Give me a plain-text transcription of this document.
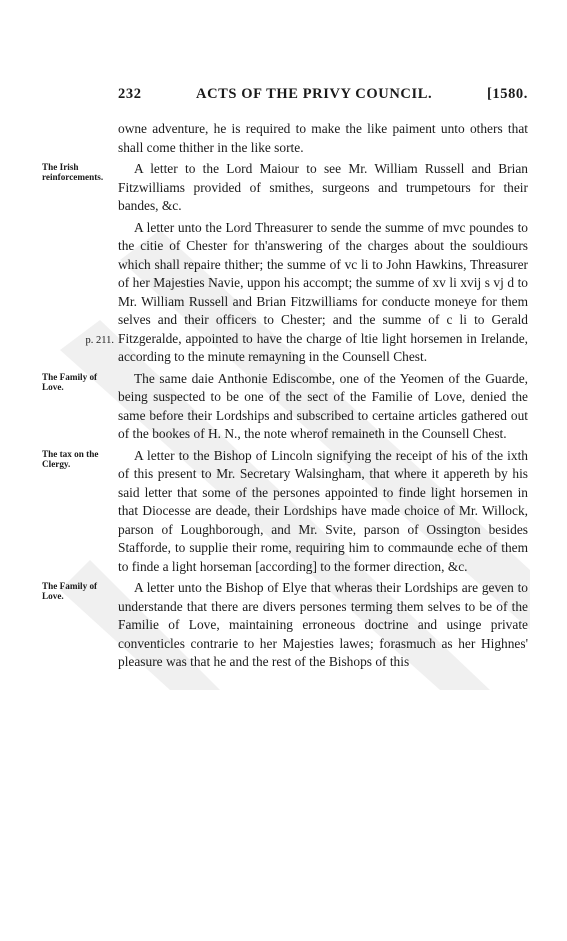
232	ACTS OF THE PRIVY COUNCIL.	[1580.

owne adventure, he is required to make the like paiment unto others that shall come thither in the like sorte.

The Irish reinforcements.
A letter to the Lord Maiour to see Mr. William Russell and Brian Fitzwilliams provided of smithes, surgeons and trumpetours for their bandes, &c.

p. 211.
A letter unto the Lord Threasurer to sende the summe of mvc poundes to the citie of Chester for th'answering of the charges about the souldiours which shall repaire thither; the summe of vc li to John Hawkins, Threasurer of her Majesties Navie, uppon his accompt; the summe of xv li xvij s vj d to Mr. William Russell and Brian Fitzwilliams for conducte moneye for them selves and their officers to Chester; and the summe of c li to Gerald Fitzgeralde, appointed to have the charge of ltie light horsemen in Irelande, according to the minute remayning in the Counsell Chest.

The Family of Love.
The same daie Anthonie Ediscombe, one of the Yeomen of the Guarde, being suspected to be one of the sect of the Familie of Love, denied the same before their Lordships and subscribed to certaine articles gathered out of the bookes of H. N., the note wherof remaineth in the Counsell Chest.

The tax on the Clergy.
A letter to the Bishop of Lincoln signifying the receipt of his of the ixth of this present to Mr. Secretary Walsingham, that where it appereth by his said letter that some of the persones appointed to finde light horsemen in that Diocesse are deade, their Lordships have made choice of Mr. Willock, parson of Loughborough, and Mr. Svite, parson of Ossington besides Stafforde, to supplie their rome, requiring him to commaunde eche of them to finde a light horseman [according] to the former direction, &c.

The Family of Love.
A letter unto the Bishop of Elye that wheras their Lordships are geven to understande that there are divers persones terming them selves to be of the Familie of Love, maintaining erroneous doctrine and usinge private conventicles contrarie to her Majesties lawes; forasmuch as her Highnes' pleasure was that he and the rest of the Bishops of this
